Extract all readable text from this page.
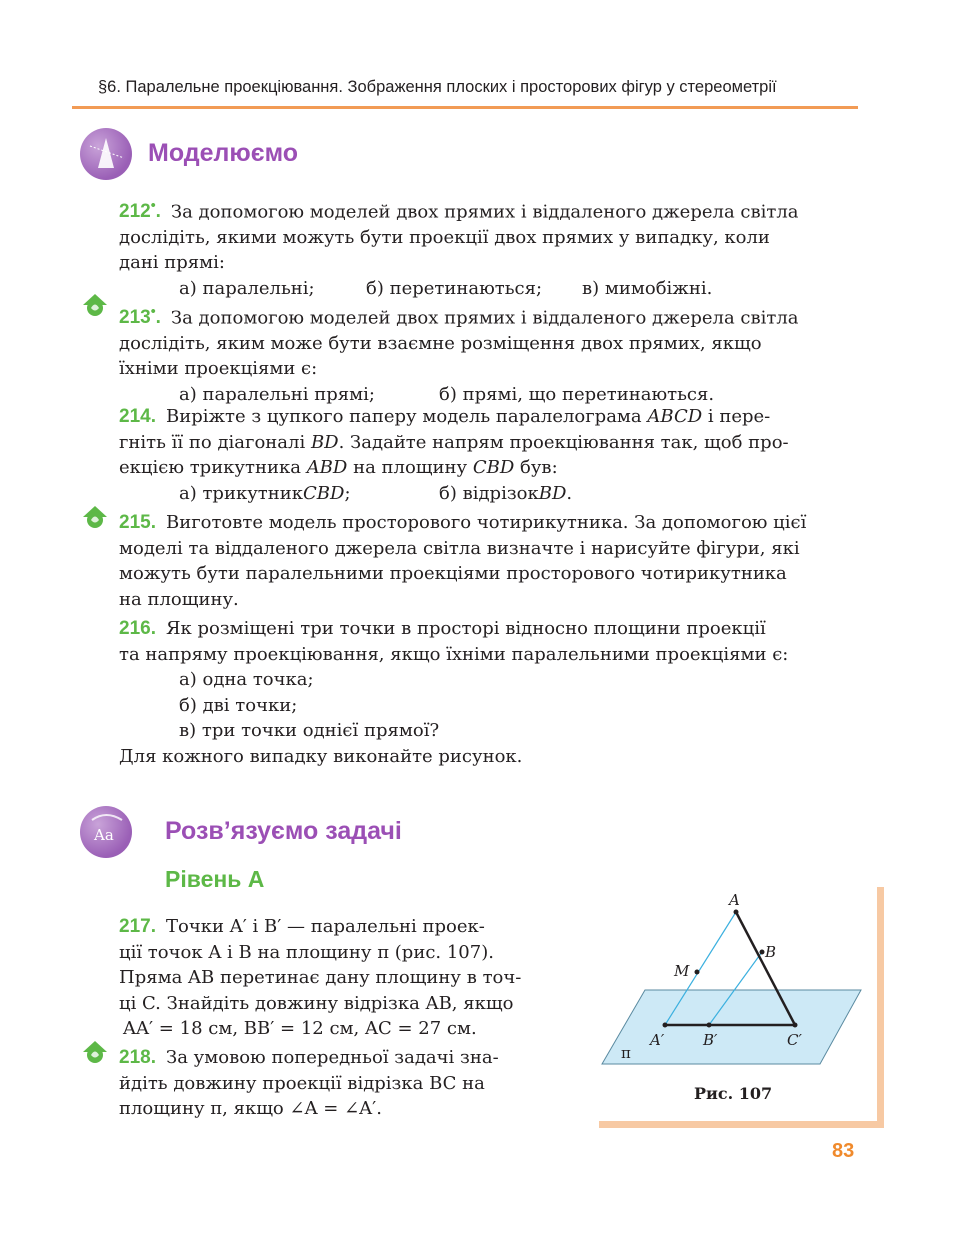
§6. Паралельне проекціювання. Зображення плоских і просторових фігур у стереометрії
Моделюємо

212•. За допомогою моделей двох прямих і віддаленого джерела світла

дослідіть, якими можуть бути проекції двох прямих у випадку, коли

дані прямі:

а) паралельні;	б) перетинаються; в) мимобіжні.

213•. За допомогою моделей двох прямих і віддаленого джерела світла

дослідіть, яким може бути взаємне розміщення двох прямих, якщо

їхніми проекціями є:

а) паралельні прямі;	б) прямі, що перетинаються.

214. Виріжте з цупкого паперу модель паралелограма ABCD і пере-

гніть її по діагоналі BD. Задайте напрям проекціювання так, щоб про-

екцією трикутника ABD на площину CBD був:

а) трикутникCBD;	б) відрізокBD.

215. Виготовте модель просторового чотирикутника. За допомогою цієї

моделі та віддаленого джерела світла визначте і нарисуйте фігури, які

можуть бути паралельними проекціями просторового чотирикутника

на площину.

216. Як розміщені три точки в просторі відносно площини проекції

та напряму проекціювання, якщо їхніми паралельними проекціями є:

а) одна точка;

б) дві точки;

в) три точки однієї прямої?

Для кожного випадку виконайте рисунок.

Aa Розв’язуємо задачі
Рівень А

217. Точки A′ і B′ — паралельні проек-

ції точок A і B на площину π (рис. 107).

Пряма AB перетинає дану площину в точ-

ці C. Знайдіть довжину відрізка AB, якщо

AA′ = 18 см, BB′ = 12 см, AC = 27 см.

218. За умовою попередньої задачі зна-

йдіть довжину проекції відрізка BC на

площину π, якщо ∠A = ∠A′.

A
B
M
A′	B′	C′
π
Рис. 107
83
